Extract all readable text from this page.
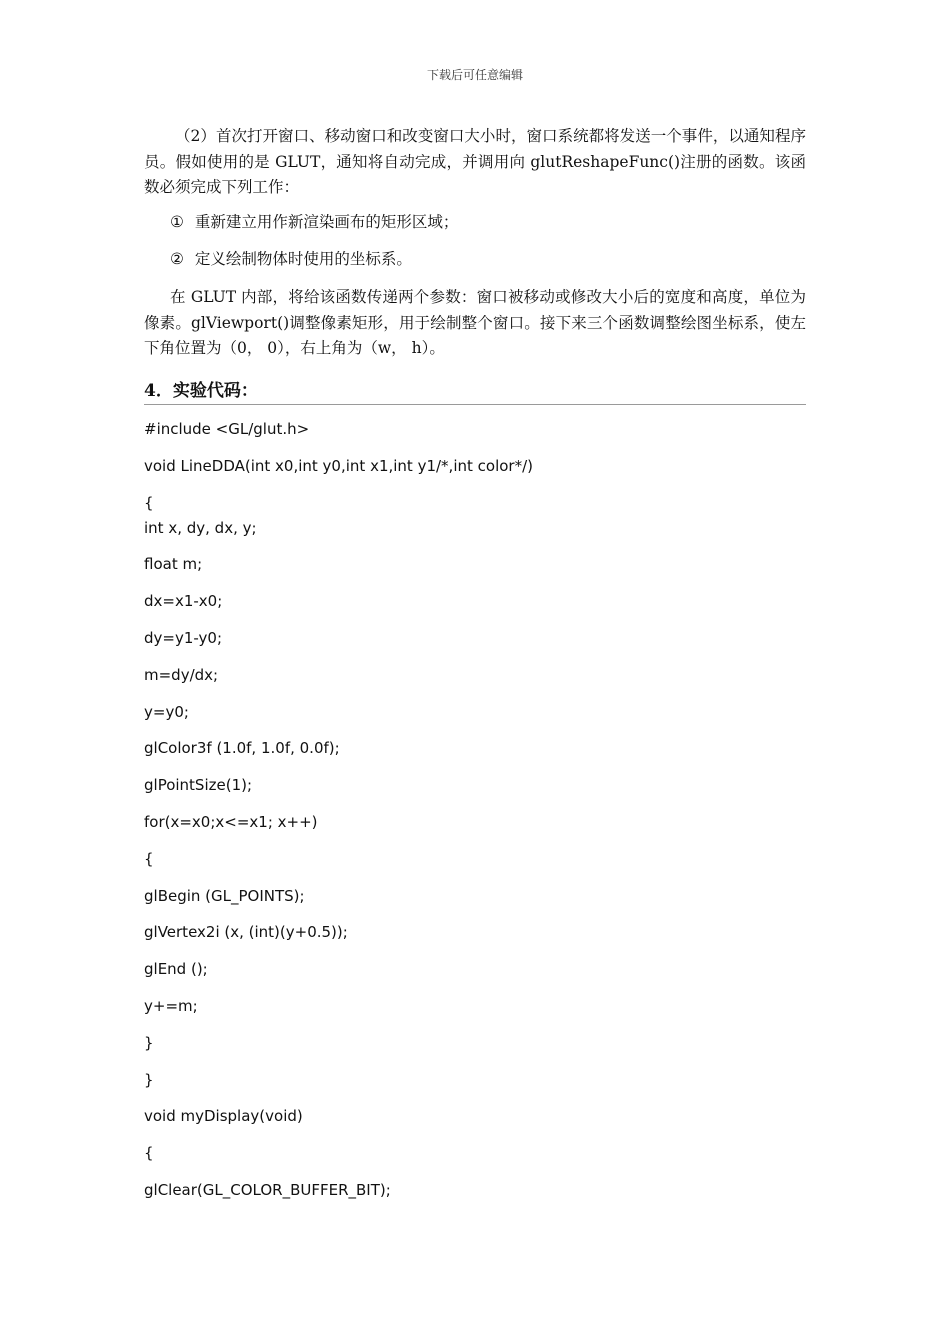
下载后可任意编辑

（2）首次打开窗口、移动窗口和改变窗口大小时，窗口系统都将发送一个事件，以通知程序员。假如使用的是 GLUT，通知将自动完成，并调用向 glutReshapeFunc()注册的函数。该函数必须完成下列工作：

① 重新建立用作新渲染画布的矩形区域；
② 定义绘制物体时使用的坐标系。

在 GLUT 内部，将给该函数传递两个参数：窗口被移动或修改大小后的宽度和高度，单位为像素。glViewport()调整像素矩形，用于绘制整个窗口。接下来三个函数调整绘图坐标系，使左下角位置为（0， 0），右上角为（w， h）。

4．实验代码：
#include <GL/glut.h>
void LineDDA(int x0,int y0,int x1,int y1/*,int color*/)
{
int x, dy, dx, y;
float m;
dx=x1-x0;
dy=y1-y0;
m=dy/dx;
y=y0;
glColor3f (1.0f, 1.0f, 0.0f);
glPointSize(1);
for(x=x0;x<=x1; x++)
{
glBegin (GL_POINTS);
glVertex2i (x, (int)(y+0.5));
glEnd ();
y+=m;
}
}
void myDisplay(void)
{
glClear(GL_COLOR_BUFFER_BIT);
